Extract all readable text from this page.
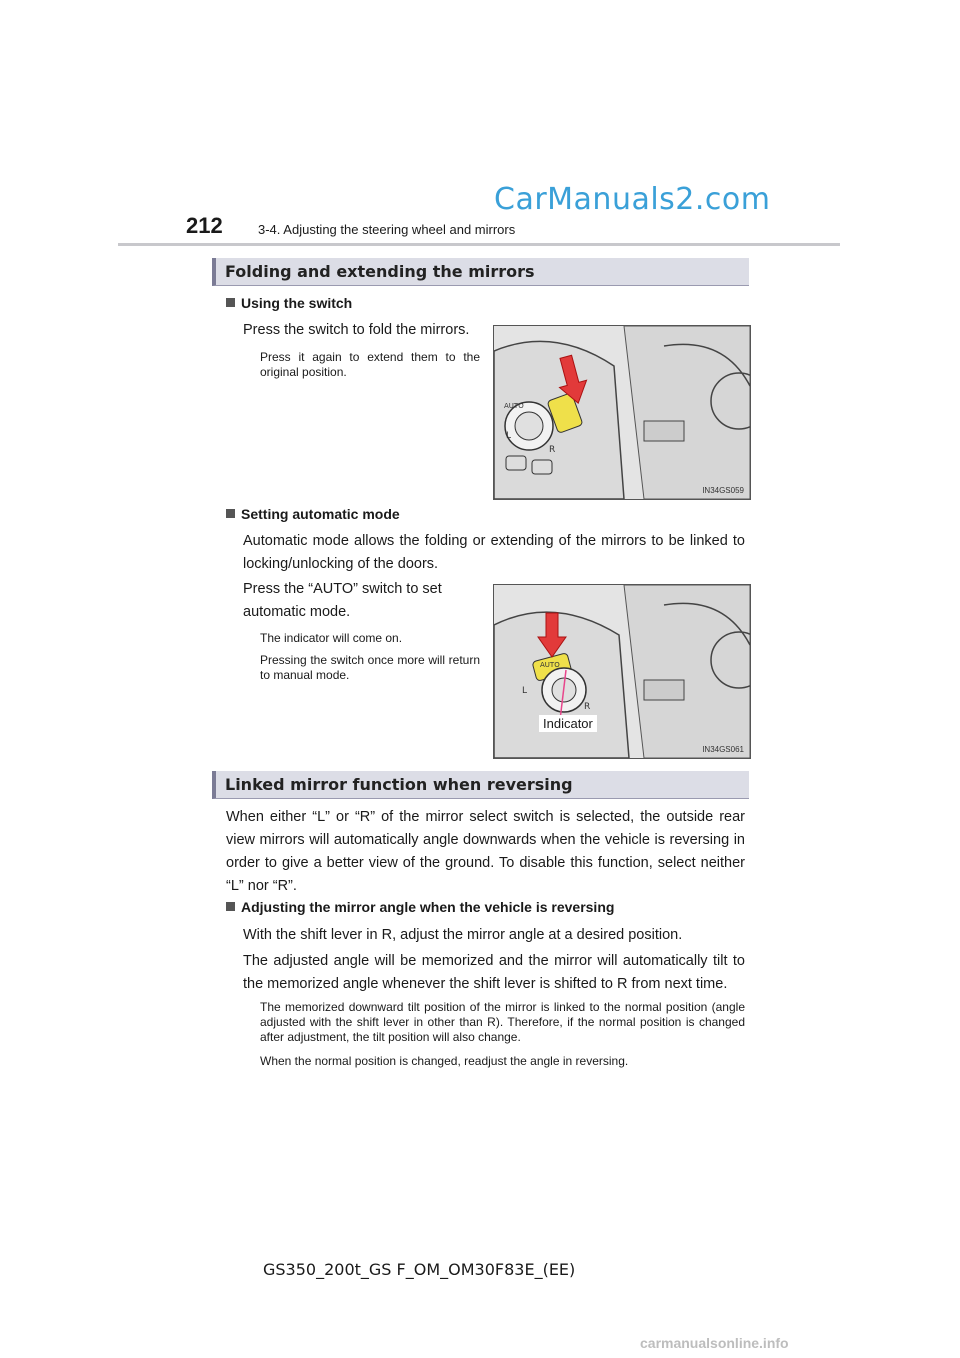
CarManuals2.com
212	3-4. Adjusting the steering wheel and mirrors
Folding and extending the mirrors
Using the switch
Press the switch to fold the mirrors.
Press it again to extend them to the original position.
AUTO
L
R
IN34GS059
Setting automatic mode
Automatic mode allows the folding or extending of the mirrors to be linked to locking/unlocking of the doors.
Press the “AUTO” switch to set automatic mode.
The indicator will come on.
Pressing the switch once more will return to manual mode.
AUTO
L
R
Indicator
IN34GS061
Linked mirror function when reversing
When either “L” or “R” of the mirror select switch is selected, the outside rear view mirrors will automatically angle downwards when the vehicle is reversing in order to give a better view of the ground. To disable this function, select neither “L” nor “R”.
Adjusting the mirror angle when the vehicle is reversing
With the shift lever in R, adjust the mirror angle at a desired position.
The adjusted angle will be memorized and the mirror will automatically tilt to the memorized angle whenever the shift lever is shifted to R from next time.
The memorized downward tilt position of the mirror is linked to the normal position (angle adjusted with the shift lever in other than R). Therefore, if the normal position is changed after adjustment, the tilt position will also change.
When the normal position is changed, readjust the angle in reversing.
GS350_200t_GS F_OM_OM30F83E_(EE)
carmanualsonline.info
